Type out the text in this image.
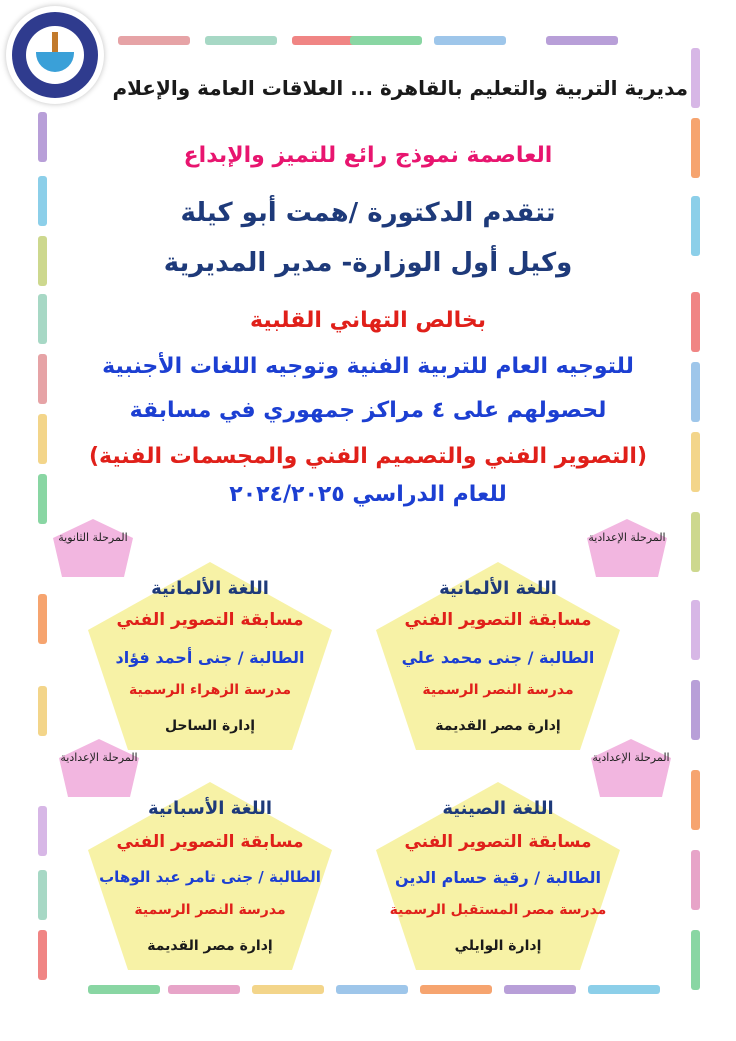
مديرية التربية والتعليم بالقاهرة ... العلاقات العامة والإعلام
العاصمة نموذج رائع للتميز والإبداع
تتقدم الدكتورة /همت أبو كيلة
وكيل أول الوزارة- مدير المديرية
بخالص التهاني القلبية
للتوجيه العام للتربية الفنية وتوجيه اللغات الأجنبية
لحصولهم على ٤ مراكز جمهوري في مسابقة
(التصوير الفني والتصميم الفني والمجسمات الفنية)
للعام الدراسي ٢٠٢٤/٢٠٢٥
اللغة الألمانية
مسابقة التصوير الفني
الطالبة / جنى محمد علي
مدرسة النصر الرسمية
إدارة مصر القديمة
المرحلة الإعدادية
اللغة الألمانية
مسابقة التصوير الفني
الطالبة / جنى أحمد فؤاد
مدرسة الزهراء الرسمية
إدارة الساحل
المرحلة الثانوية
اللغة الصينية
مسابقة التصوير الفني
الطالبة / رقية حسام الدين
مدرسة مصر المستقبل الرسمية
إدارة الوايلي
المرحلة الإعدادية
اللغة الأسبانية
مسابقة التصوير الفني
الطالبة / جنى تامر عبد الوهاب
مدرسة النصر الرسمية
إدارة مصر القديمة
المرحلة الإعدادية
